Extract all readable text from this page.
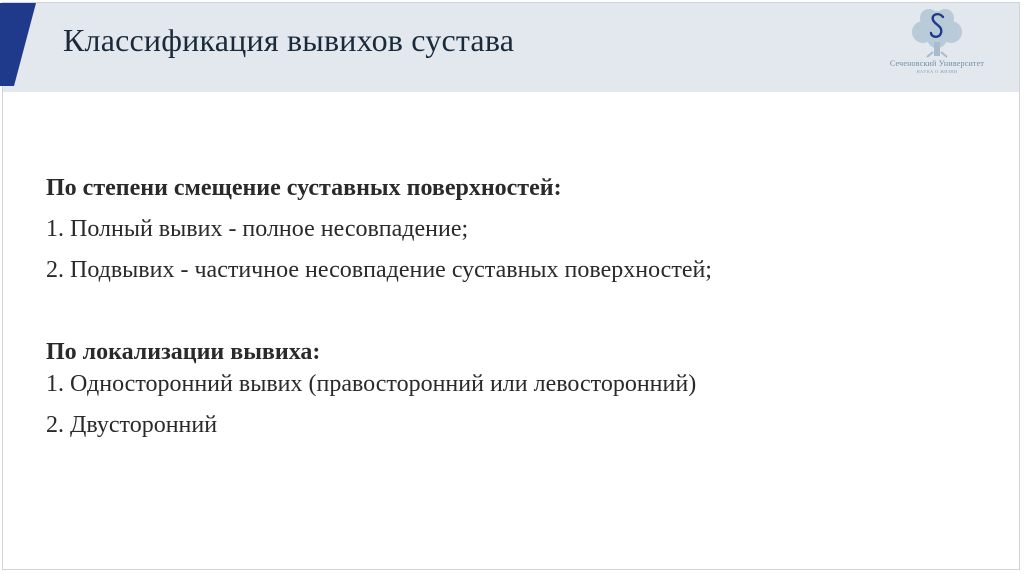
Классификация вывихов сустава
Сеченовский Университет
НАУКА О ЖИЗНИ
По степени смещение суставных поверхностей:
1. Полный вывих - полное несовпадение;
2. Подвывих - частичное несовпадение суставных поверхностей;
По локализации вывиха:
1. Односторонний вывих (правосторонний или левосторонний)
2. Двусторонний
